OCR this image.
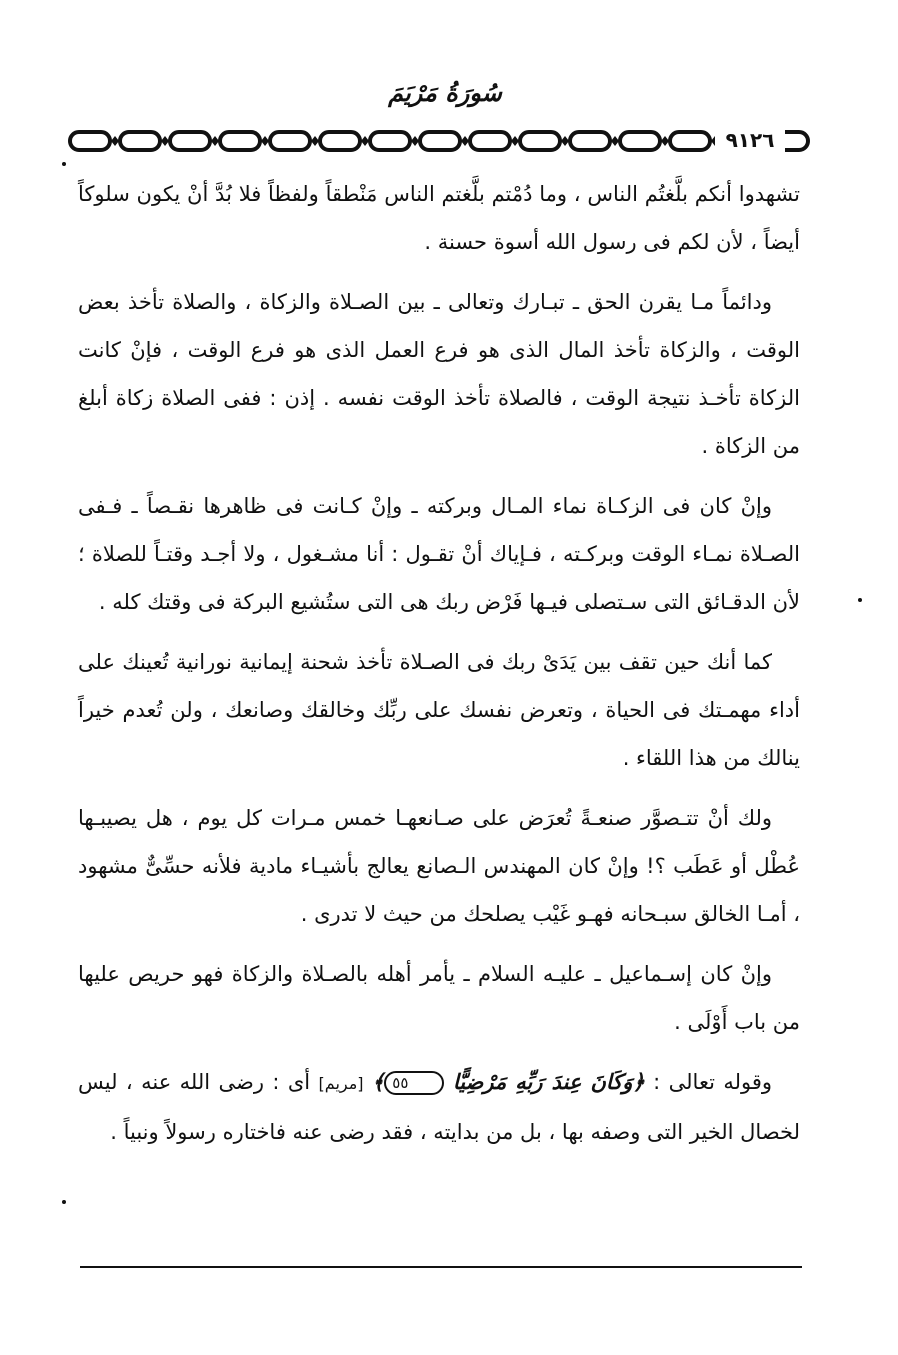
سُورَةُ مَرْيَمَ
٩١٢٦

تشهدوا أنكم بلَّغتُم الناس ، وما دُمْتم بلَّغتم الناس مَنْطقاً ولفظاً فلا بُدَّ أنْ يكون سلوكاً أيضاً ، لأن لكم فى رسول الله أسوة حسنة .

ودائماً مـا يقرن الحق ـ تبـارك وتعالى ـ بين الصـلاة والزكاة ، والصلاة تأخذ بعض الوقت ، والزكاة تأخذ المال الذى هو فرع العمل الذى هو فرع الوقت ، فإنْ كانت الزكاة تأخـذ نتيجة الوقت ، فالصلاة تأخذ الوقت نفسه . إذن : ففى الصلاة زكاة أبلغ من الزكاة .

وإنْ كان فى الزكـاة نماء المـال وبركته ـ وإنْ كـانت فى ظاهرها نقـصاً ـ فـفى الصـلاة نمـاء الوقت وبركـته ، فـإياك أنْ تقـول : أنا مشـغول ، ولا أجـد وقتـاً للصلاة ؛ لأن الدقـائق التى سـتصلى فيـها فَرْض ربك هى التى ستُشيع البركة فى وقتك كله .

كما أنك حين تقف بين يَدَىْ ربك فى الصـلاة تأخذ شحنة إيمانية نورانية تُعينك على أداء مهمـتك فى الحياة ، وتعرض نفسك على ربِّك وخالقك وصانعك ، ولن تُعدم خيراً ينالك من هذا اللقاء .

ولك أنْ تتـصوَّر صنعـةً تُعرَض على صـانعهـا خمس مـرات كل يوم ، هل يصيبـها عُطْل أو عَطَب ؟! وإنْ كان المهندس الـصانع يعالج بأشيـاء مادية فلأنه حسِّىٌّ مشهود ، أمـا الخالق سبـحانه فهـو غَيْب يصلحك من حيث لا تدرى .

وإنْ كان إسـماعيل ـ عليـه السلام ـ يأمر أهله بالصـلاة والزكاة فهو حريص عليها من باب أَوْلَى .

وقوله تعالى : ﴿وَكَانَ عِندَ رَبِّهِ مَرْضِيًّا ٥٥﴾ [مريم] أى : رضى الله عنه ، ليس لخصال الخير التى وصفه بها ، بل من بدايته ، فقد رضى عنه فاختاره رسولاً ونبياً .
